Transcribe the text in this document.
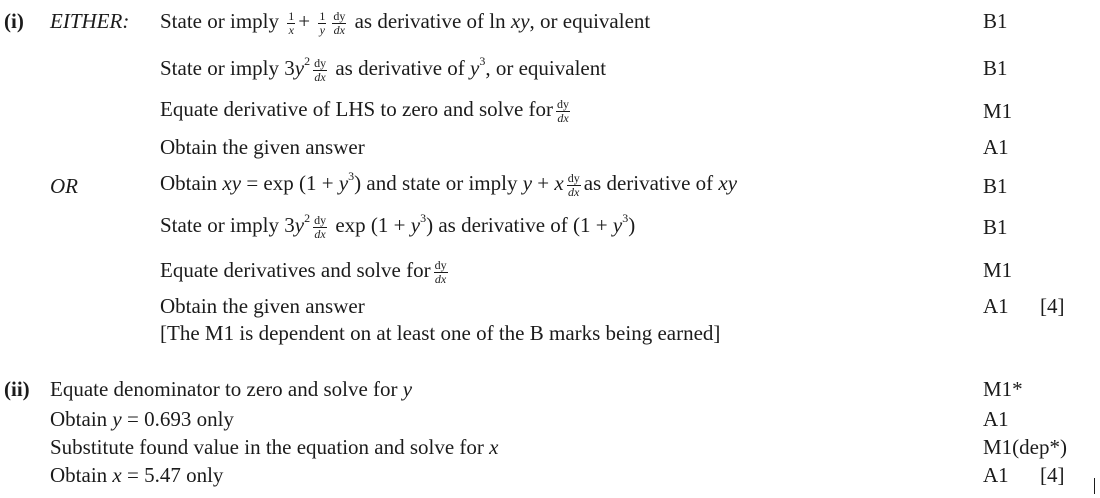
(i) EITHER: State or imply $\frac{1}{x} + \frac{1}{y} \frac{dy}{dx}$ as derivative of ln xy, or equivalent	B1
State or imply $3y^2 \frac{dy}{dx}$ as derivative of $y^3$, or equivalent	B1
Equate derivative of LHS to zero and solve for $\frac{dy}{dx}$	M1
Obtain the given answer	A1
OR	Obtain xy = $\exp (1 + y^3)$ and state or imply y + x $\frac{dy}{dx}$ as derivative of xy	B1
State or imply $3y^2 \frac{dy}{dx}$ $\exp (1 + y^3)$ as derivative of $(1 + y^3)$	B1
Equate derivatives and solve for $\frac{dy}{dx}$	M1
Obtain the given answer	A1 [4]
[The M1 is dependent on at least one of the B marks being earned]
(ii) Equate denominator to zero and solve for y	M1*
Obtain y = 0.693 only	A1
Substitute found value in the equation and solve for x	M1(dep*)
Obtain x = 5.47 only	A1 [4]
